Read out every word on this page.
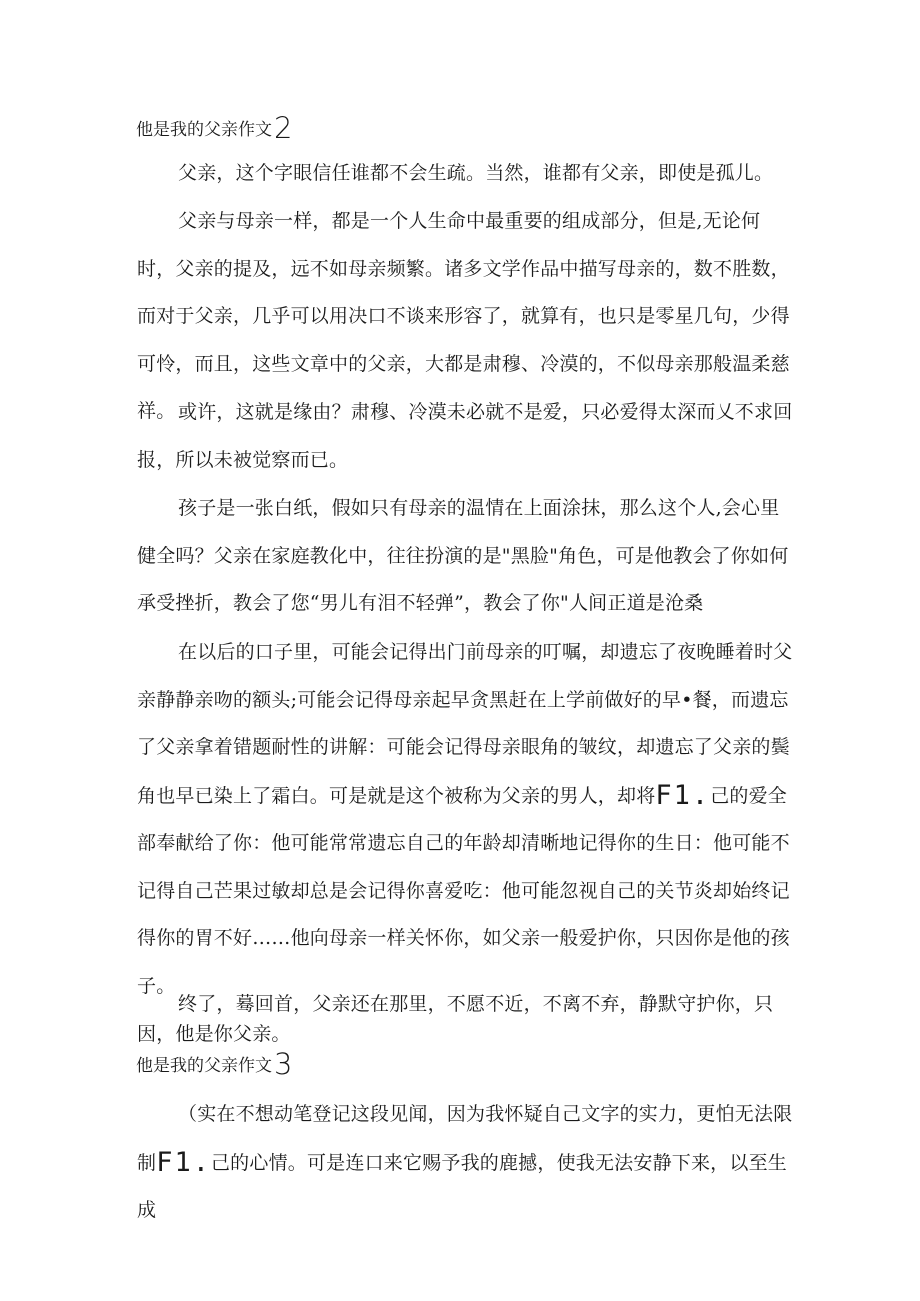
他是我的父亲作文2
父亲，这个字眼信任谁都不会生疏。当然，谁都有父亲，即使是孤儿。
父亲与母亲一样，都是一个人生命中最重要的组成部分，但是,无论何时，父亲的提及，远不如母亲频繁。诸多文学作品中描写母亲的，数不胜数，而对于父亲，几乎可以用决口不谈来形容了，就算有，也只是零星几句，少得可怜，而且，这些文章中的父亲，大都是肃穆、冷漠的，不似母亲那般温柔慈祥。 或许，这就是缘由？肃穆、冷漠未必就不是爱，只必爱得太深而乂不求回报，所以未被觉察而已。
孩子是一张白纸，假如只有母亲的温情在上面涂抹，那么这个人,会心里健全吗？父亲在家庭教化中，往往扮演的是"黑脸"角色，可是他教会了你如何承受挫折，教会了您“男儿有泪不轻弹”，教会了你"人间正道是沧桑
在以后的口子里，可能会记得出门前母亲的叮嘱，却遗忘了夜晚睡着时父亲静静亲吻的额头;可能会记得母亲起早贪黑赶在上学前做好的早•餐，而遗忘了父亲拿着错题耐性的讲解：可能会记得母亲眼角的皱纹，却遗忘了父亲的鬓角也早已染上了霜白。可是就是这个被称为父亲的男人，却将F1.己的爱全部奉献给了你：他可能常常遗忘自己的年龄却清晰地记得你的生日：他可能不记得自己芒果过敏却总是会记得你喜爱吃：他可能忽视自己的关节炎却始终记得你的胃不好……他向母亲一样关怀你，如父亲一般爱护你，只因你是他的孩子。
终了，蓦回首，父亲还在那里，不愿不近，不离不弃，静默守护你，只因，他是你父亲。
他是我的父亲作文3
（实在不想动笔登记这段见闻，因为我怀疑自己文字的实力，更怕无法限制F1.己的心情。可是连口来它赐予我的鹿撼，使我无法安静下来，以至生成
